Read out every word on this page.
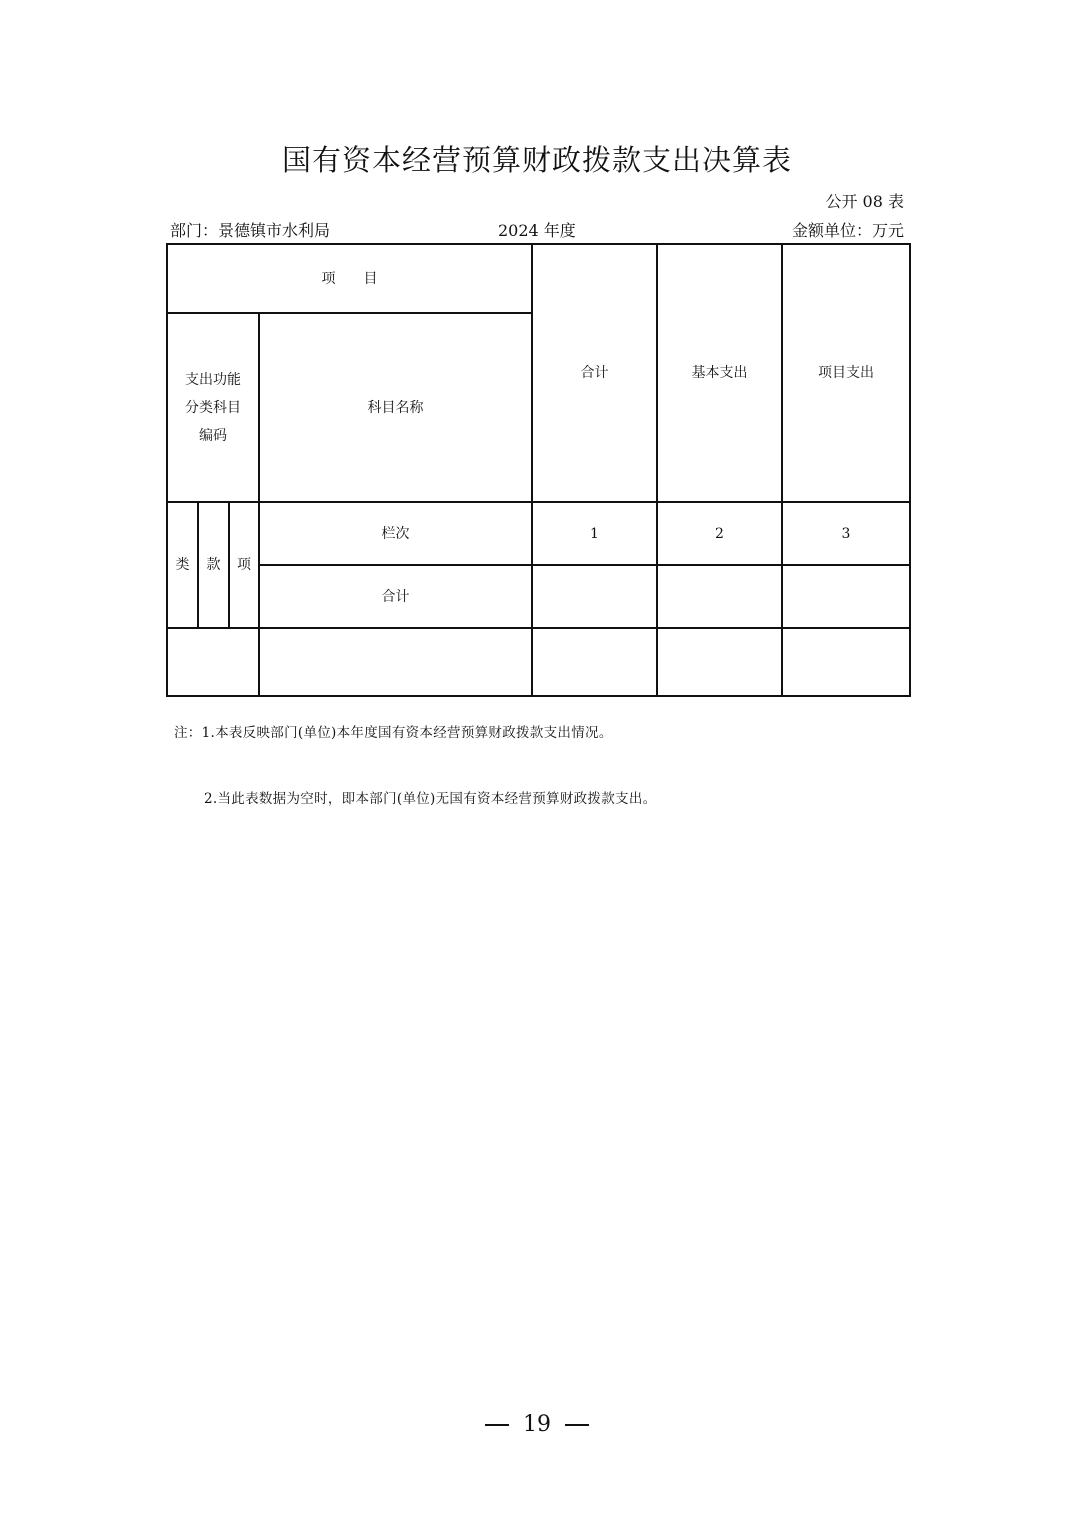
国有资本经营预算财政拨款支出决算表
公开 08 表
部门：景德镇市水利局	2024 年度	金额单位：万元
项　　目				合计	基本支出	项目支出

支出功能
分类科目
编码			科目名称			
类	款	项	栏次	1	2	3
			合计			

注：1.本表反映部门(单位)本年度国有资本经营预算财政拨款支出情况。
2.当此表数据为空时，即本部门(单位)无国有资本经营预算财政拨款支出。
19
